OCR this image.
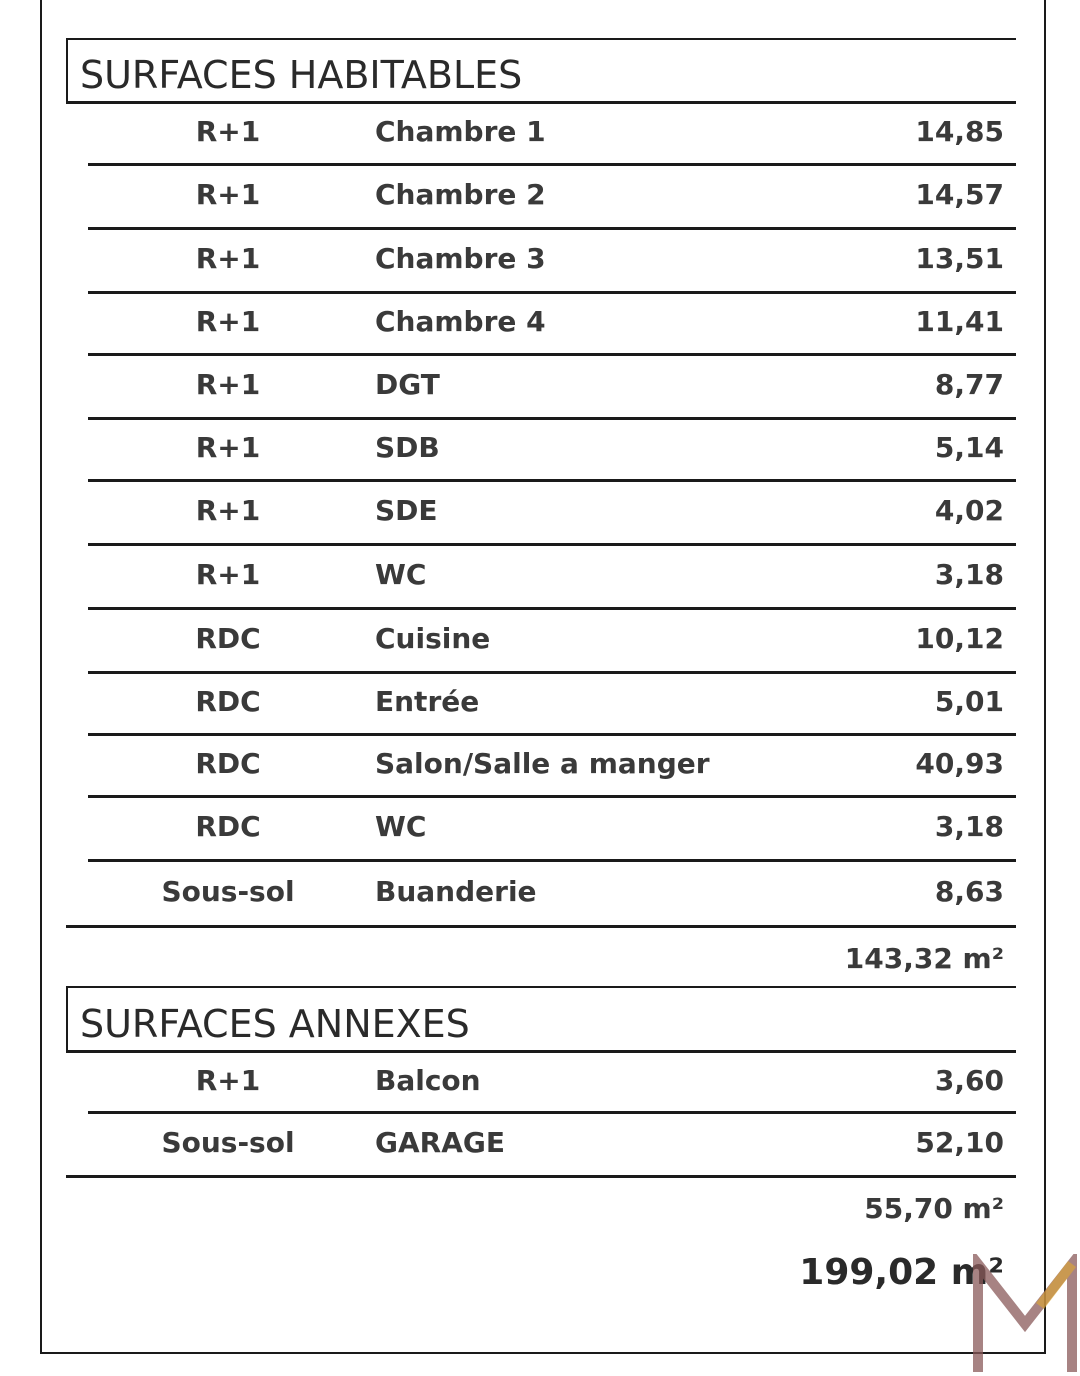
SURFACES HABITABLES
R+1	Chambre 1	14,85
R+1	Chambre 2	14,57
R+1	Chambre 3	13,51
R+1	Chambre 4	11,41
R+1	DGT	8,77
R+1	SDB	5,14
R+1	SDE	4,02
R+1	WC	3,18
RDC	Cuisine	10,12
RDC	Entrée	5,01
RDC	Salon/Salle a manger	40,93
RDC	WC	3,18
Sous-sol	Buanderie	8,63
143,32 m²
SURFACES ANNEXES
R+1	Balcon	3,60
Sous-sol	GARAGE	52,10
55,70 m²
199,02 m²
